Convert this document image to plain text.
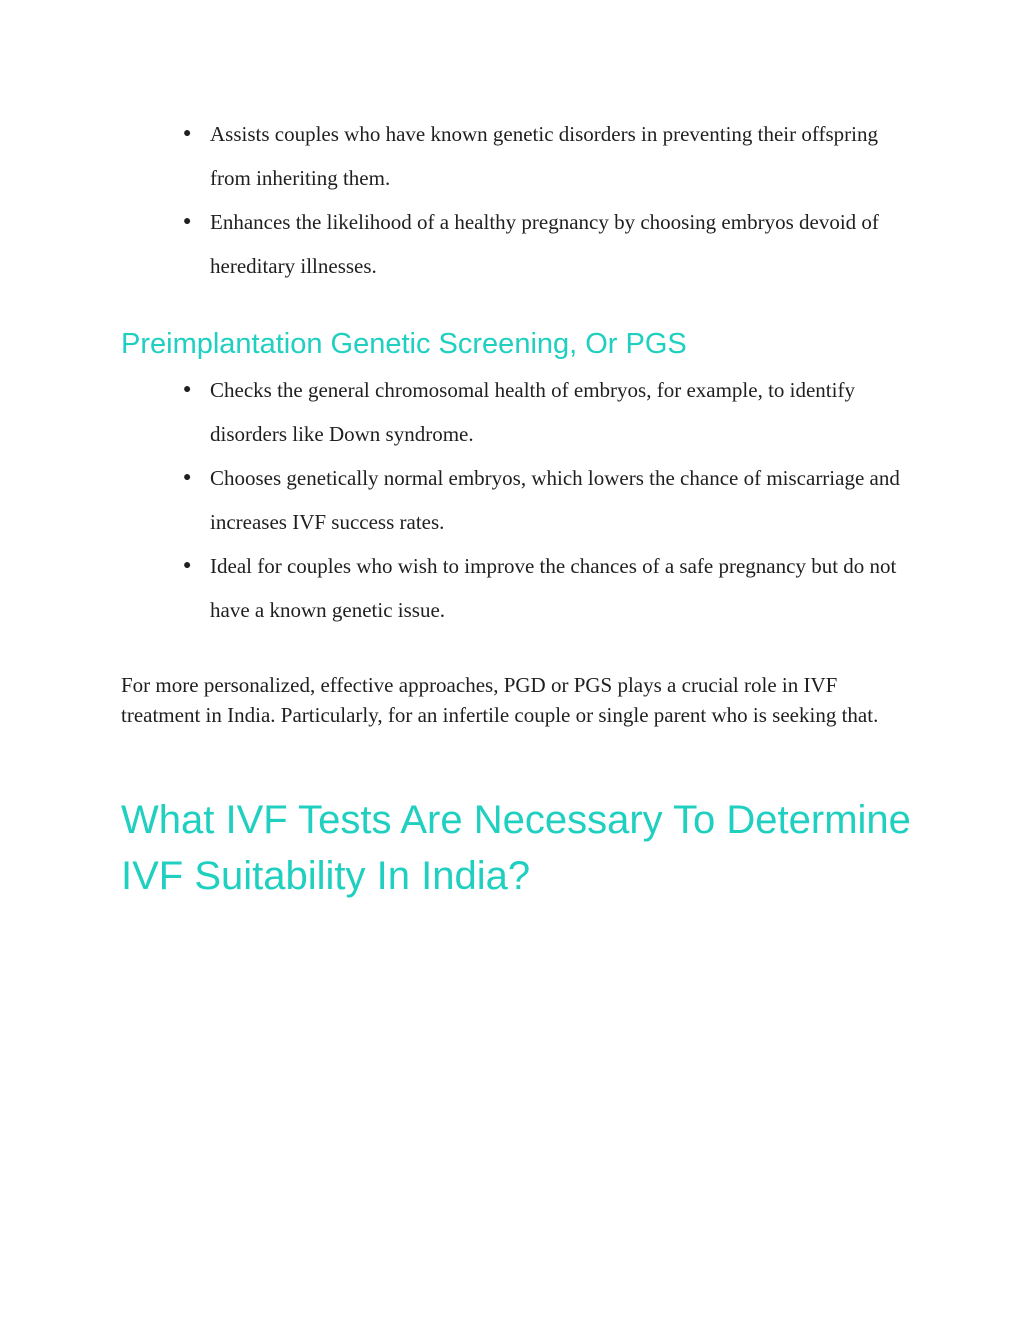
● Assists couples who have known genetic disorders in preventing their offspring from inheriting them.
● Enhances the likelihood of a healthy pregnancy by choosing embryos devoid of hereditary illnesses.
Preimplantation Genetic Screening, Or PGS
● Checks the general chromosomal health of embryos, for example, to identify disorders like Down syndrome.
● Chooses genetically normal embryos, which lowers the chance of miscarriage and increases IVF success rates.
● Ideal for couples who wish to improve the chances of a safe pregnancy but do not have a known genetic issue.

For more personalized, effective approaches, PGD or PGS plays a crucial role in IVF treatment in India. Particularly, for an infertile couple or single parent who is seeking that.

What IVF Tests Are Necessary To Determine IVF Suitability In India?
